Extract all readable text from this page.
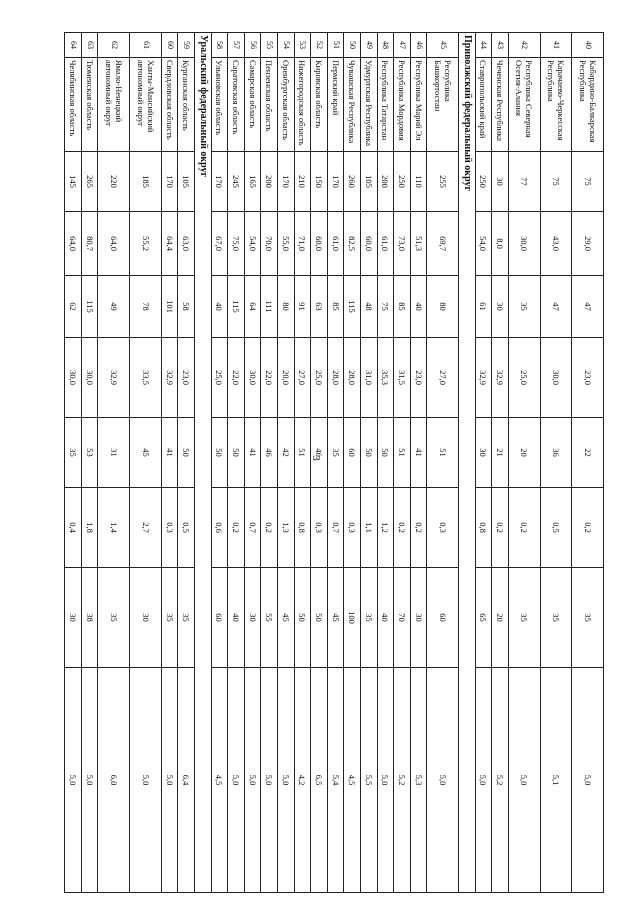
3
40	Кабардино-Балкарская Республика	75	29,0	47	23,0	22	0,2	35	5,0	
41	Карачаево-Черкесская Республика	75	43,0	47	30,0	36	0,5	35	5,1	
42	Республика Северная Осетия-Алания	77	30,0	35	25,0	20	0,2	35	5,0	
43	Чеченская Республика	30	8,0	30	32,9	21	0,2	20	5,2	
44	Ставропольский край	250	54,0	61	32,9	30	0,8	65	5,0	
Приволжский федеральный округ										
45	Республика Башкортостан	255	69,7	80	27,0	51	0,3	60	5,0	
46	Республика Марий Эл	110	51,3	40	23,0	41	0,2	30	5,3	
47	Республика Мордовия	250	73,0	85	31,5	51	0,2	70	5,2	
48	Республика Татарстан	200	61,0	75	35,3	50	1,2	40	5,0	
49	Удмуртская Республика	105	60,0	48	31,0	50	1,1	35	5,5	
50	Чувашская Республика	260	82,5	115	28,0	60	0,3	100	4,5	
51	Пермский край	170	61,0	85	28,0	35	0,7	45	5,4	
52	Кировская область	150	60,0	63	25,0	46	0,3	50	6,5	
53	Нижегородская область	210	71,0	91	27,0	51	0,8	50	4,2	
54	Оренбургская область	170	55,0	80	20,0	42	1,3	45	5,0	
55	Пензенская область	200	70,0	111	22,0	46	0,2	55	5,0	
56	Самарская область	165	54,0	64	30,0	41	0,7	30	5,0	
57	Саратовская область	245	75,0	115	22,0	50	0,2	40	5,0	
58	Ульяновская область	170	67,0	40	25,0	50	0,6	60	4,5	
Уральский федеральный округ										
59	Курганская область	105	63,0	58	23,0	50	0,5	35	6,4	
60	Свердловская область	170	64,4	101	32,9	41	0,3	35	5,0	
61	Ханты-Мансийский автономный округ	185	55,2	78	33,5	45	2,7	30	5,0	
62	Ямало-Ненецкий автономный округ	220	64,0	49	32,9	31	1,4	35	6,0	
63	Тюменская область	265	80,7	115	30,0	53	1,8	38	5,0	
64	Челябинская область	145	64,0	62	30,0	35	0,4	30	5,0	
